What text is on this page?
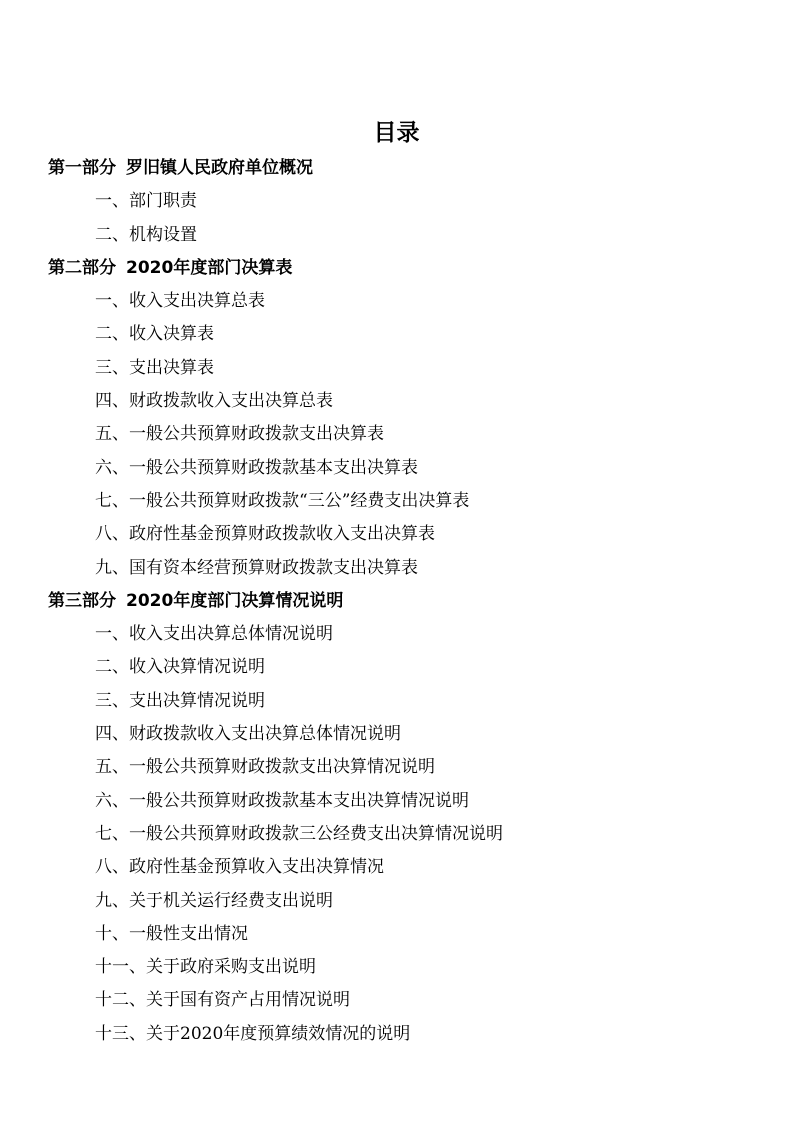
目录
第一部分 罗旧镇人民政府单位概况
一、部门职责
二、机构设置
第二部分 2020年度部门决算表
一、收入支出决算总表
二、收入决算表
三、支出决算表
四、财政拨款收入支出决算总表
五、一般公共预算财政拨款支出决算表
六、一般公共预算财政拨款基本支出决算表
七、一般公共预算财政拨款“三公”经费支出决算表
八、政府性基金预算财政拨款收入支出决算表
九、国有资本经营预算财政拨款支出决算表
第三部分 2020年度部门决算情况说明
一、收入支出决算总体情况说明
二、收入决算情况说明
三、支出决算情况说明
四、财政拨款收入支出决算总体情况说明
五、一般公共预算财政拨款支出决算情况说明
六、一般公共预算财政拨款基本支出决算情况说明
七、一般公共预算财政拨款三公经费支出决算情况说明
八、政府性基金预算收入支出决算情况
九、关于机关运行经费支出说明
十、一般性支出情况
十一、关于政府采购支出说明
十二、关于国有资产占用情况说明
十三、关于2020年度预算绩效情况的说明
